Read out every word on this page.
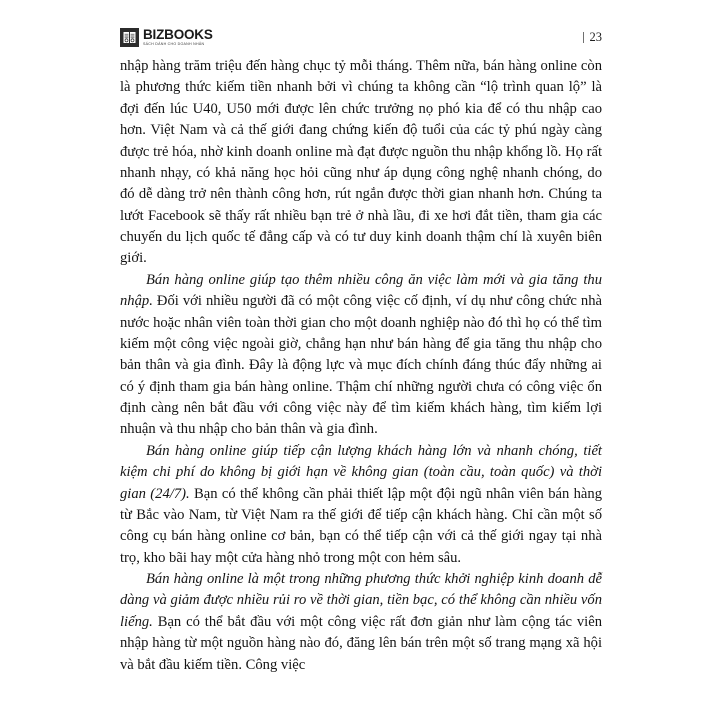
BIZBOOKS
SÁCH DÀNH CHO DOANH NHÂN
23

nhập hàng trăm triệu đến hàng chục tỷ mỗi tháng. Thêm nữa, bán hàng online còn là phương thức kiếm tiền nhanh bởi vì chúng ta không cần “lộ trình quan lộ” là đợi đến lúc U40, U50 mới được lên chức trưởng nọ phó kia để có thu nhập cao hơn. Việt Nam và cả thế giới đang chứng kiến độ tuổi của các tỷ phú ngày càng được trẻ hóa, nhờ kinh doanh online mà đạt được nguồn thu nhập khổng lồ. Họ rất nhanh nhạy, có khả năng học hỏi cũng như áp dụng công nghệ nhanh chóng, do đó dễ dàng trở nên thành công hơn, rút ngắn được thời gian nhanh hơn. Chúng ta lướt Facebook sẽ thấy rất nhiều bạn trẻ ở nhà lầu, đi xe hơi đắt tiền, tham gia các chuyến du lịch quốc tế đẳng cấp và có tư duy kinh doanh thậm chí là xuyên biên giới.

Bán hàng online giúp tạo thêm nhiều công ăn việc làm mới và gia tăng thu nhập. Đối với nhiều người đã có một công việc cố định, ví dụ như công chức nhà nước hoặc nhân viên toàn thời gian cho một doanh nghiệp nào đó thì họ có thể tìm kiếm một công việc ngoài giờ, chẳng hạn như bán hàng để gia tăng thu nhập cho bản thân và gia đình. Đây là động lực và mục đích chính đáng thúc đẩy những ai có ý định tham gia bán hàng online. Thậm chí những người chưa có công việc ổn định càng nên bắt đầu với công việc này để tìm kiếm khách hàng, tìm kiếm lợi nhuận và thu nhập cho bản thân và gia đình.

Bán hàng online giúp tiếp cận lượng khách hàng lớn và nhanh chóng, tiết kiệm chi phí do không bị giới hạn về không gian (toàn cầu, toàn quốc) và thời gian (24/7). Bạn có thể không cần phải thiết lập một đội ngũ nhân viên bán hàng từ Bắc vào Nam, từ Việt Nam ra thế giới để tiếp cận khách hàng. Chỉ cần một số công cụ bán hàng online cơ bản, bạn có thể tiếp cận với cả thế giới ngay tại nhà trọ, kho bãi hay một cửa hàng nhỏ trong một con hẻm sâu.

Bán hàng online là một trong những phương thức khởi nghiệp kinh doanh dễ dàng và giảm được nhiều rủi ro về thời gian, tiền bạc, có thể không cần nhiều vốn liếng. Bạn có thể bắt đầu với một công việc rất đơn giản như làm cộng tác viên nhập hàng từ một nguồn hàng nào đó, đăng lên bán trên một số trang mạng xã hội và bắt đầu kiếm tiền. Công việc
